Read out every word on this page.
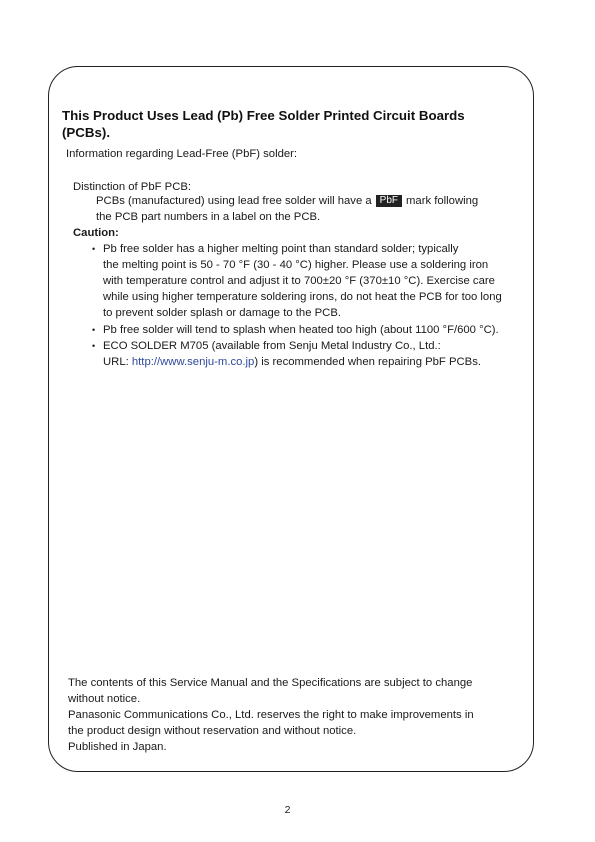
This Product Uses Lead (Pb) Free Solder Printed Circuit Boards (PCBs).
Information regarding Lead-Free (PbF) solder:
Distinction of PbF PCB:
PCBs (manufactured) using lead free solder will have a PbF mark following
the PCB part numbers in a label on the PCB.
Caution:
• Pb free solder has a higher melting point than standard solder; typically
the melting point is 50 - 70 °F (30 - 40 °C) higher. Please use a soldering iron
with temperature control and adjust it to 700±20 °F (370±10 °C). Exercise care
while using higher temperature soldering irons, do not heat the PCB for too long
to prevent solder splash or damage to the PCB.
• Pb free solder will tend to splash when heated too high (about 1100 °F/600 °C).
• ECO SOLDER M705 (available from Senju Metal Industry Co., Ltd.:
URL: http://www.senju-m.co.jp) is recommended when repairing PbF PCBs.
The contents of this Service Manual and the Specifications are subject to change
without notice.
Panasonic Communications Co., Ltd. reserves the right to make improvements in
the product design without reservation and without notice.
Published in Japan.
2
